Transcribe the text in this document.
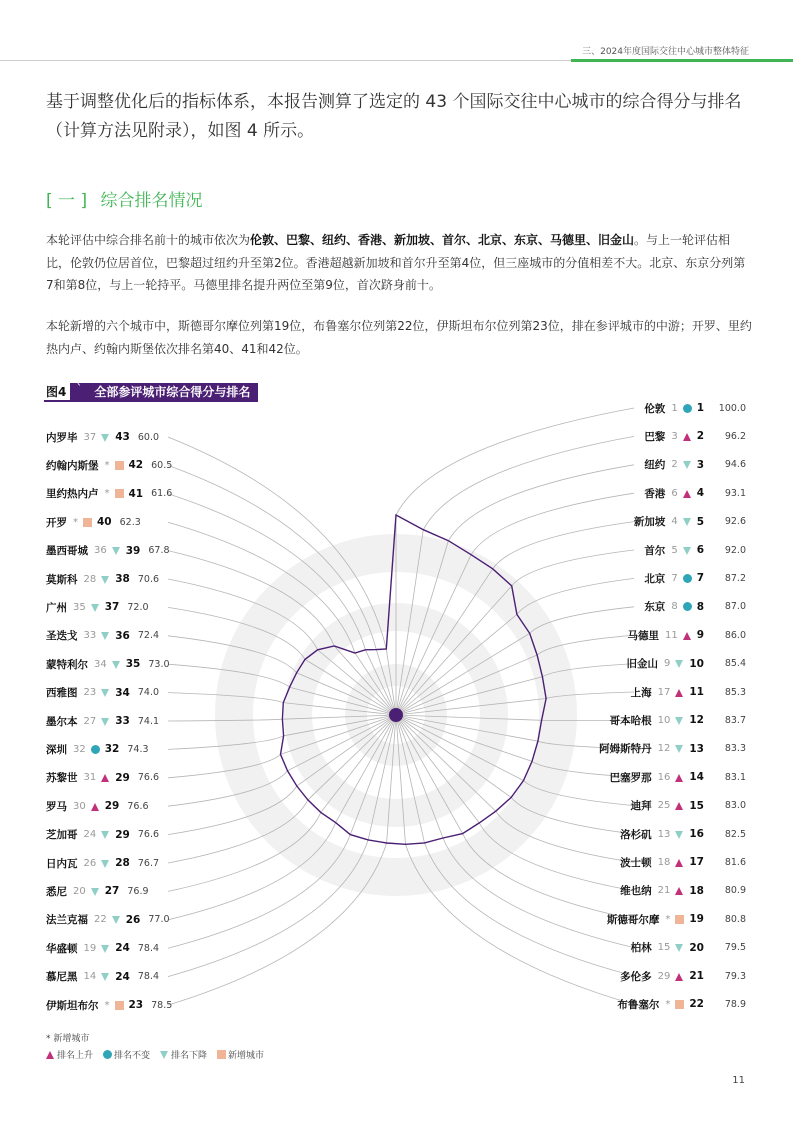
三、2024年度国际交往中心城市整体特征
基于调整优化后的指标体系，本报告测算了选定的 43 个国际交往中心城市的综合得分与排名（计算方法见附录），如图 4 所示。
[ 一 ] 综合排名情况
本轮评估中综合排名前十的城市依次为伦敦、巴黎、纽约、香港、新加坡、首尔、北京、东京、马德里、旧金山。与上一轮评估相比，伦敦仍位居首位，巴黎超过纽约升至第2位。香港超越新加坡和首尔升至第4位，但三座城市的分值相差不大。北京、东京分列第7和第8位，与上一轮持平。马德里排名提升两位至第9位，首次跻身前十。
本轮新增的六个城市中，斯德哥尔摩位列第19位，布鲁塞尔位列第22位，伊斯坦布尔位列第23位，排在参评城市的中游；开罗、里约热内卢、约翰内斯堡依次排名第40、41和42位。
图4
`	全部参评城市综合得分与排名
伦敦 1 1	100.0
巴黎 3 2	96.2
纽约 2 3	94.6
香港 6 4	93.1
新加坡 4 5	92.6
首尔 5 6	92.0
北京 7 7	87.2
东京 8 8	87.0
马德里 11 9	86.0
旧金山 9 10	85.4
上海 17 11	85.3
哥本哈根 10 12	83.7
阿姆斯特丹 12 13	83.3
巴塞罗那 16 14	83.1
迪拜 25 15	83.0
洛杉矶 13 16	82.5
波士顿 18 17	81.6
维也纳 21 18	80.9
斯德哥尔摩 * 19	80.8
柏林 15 20	79.5
多伦多 29 21	79.3
布鲁塞尔 * 22	78.9
伊斯坦布尔 * 23 78.5
慕尼黑 14 24 78.4
华盛顿 19 24 78.4
法兰克福 22 26 77.0
悉尼 20 27 76.9
日内瓦 26 28 76.7
芝加哥 24 29 76.6
罗马 30 29 76.6
苏黎世 31 29 76.6
深圳 32 32 74.3
墨尔本 27 33 74.1
西雅图 23 34 74.0
蒙特利尔 34 35 73.0
圣迭戈 33 36 72.4
广州 35 37 72.0
莫斯科 28 38 70.6
墨西哥城 36 39 67.8
开罗 * 40 62.3
里约热内卢 * 41 61.6
约翰内斯堡 * 42 60.5
内罗毕 37 43 60.0
* 新增城市
排名上升 排名不变 排名下降 新增城市
11
